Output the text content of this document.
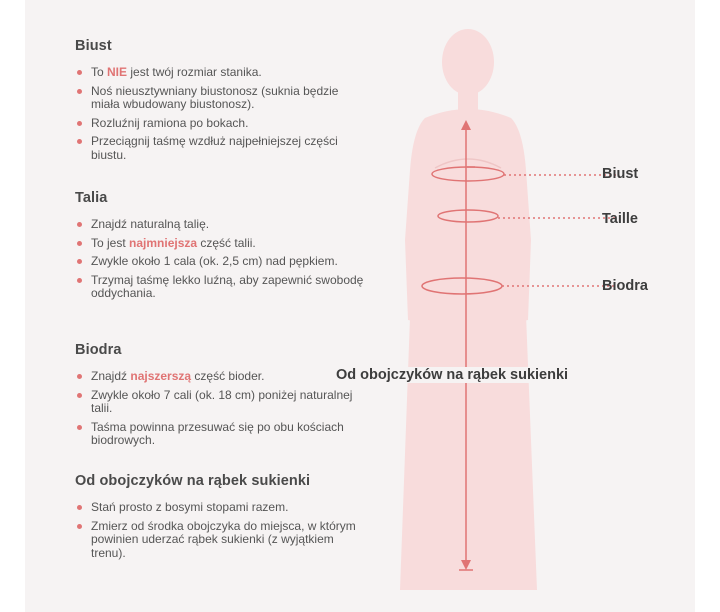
Biust
To NIE jest twój rozmiar stanika.
Noś nieusztywniany biustonosz (suknia będzie miała wbudowany biustonosz).
Rozluźnij ramiona po bokach.
Przeciągnij taśmę wzdłuż najpełniejszej części biustu.
Talia
Znajdź naturalną talię.
To jest najmniejsza część talii.
Zwykle około 1 cala (ok. 2,5 cm) nad pępkiem.
Trzymaj taśmę lekko luźną, aby zapewnić swobodę oddychania.
Biodra
Znajdź najszerszą część bioder.
Zwykle około 7 cali (ok. 18 cm) poniżej naturalnej talii.
Taśma powinna przesuwać się po obu kościach biodrowych.
Od obojczyków na rąbek sukienki
Stań prosto z bosymi stopami razem.
Zmierz od środka obojczyka do miejsca, w którym powinien uderzać rąbek sukienki (z wyjątkiem trenu).
Biust
Taille
Biodra
Od obojczyków na rąbek sukienki
